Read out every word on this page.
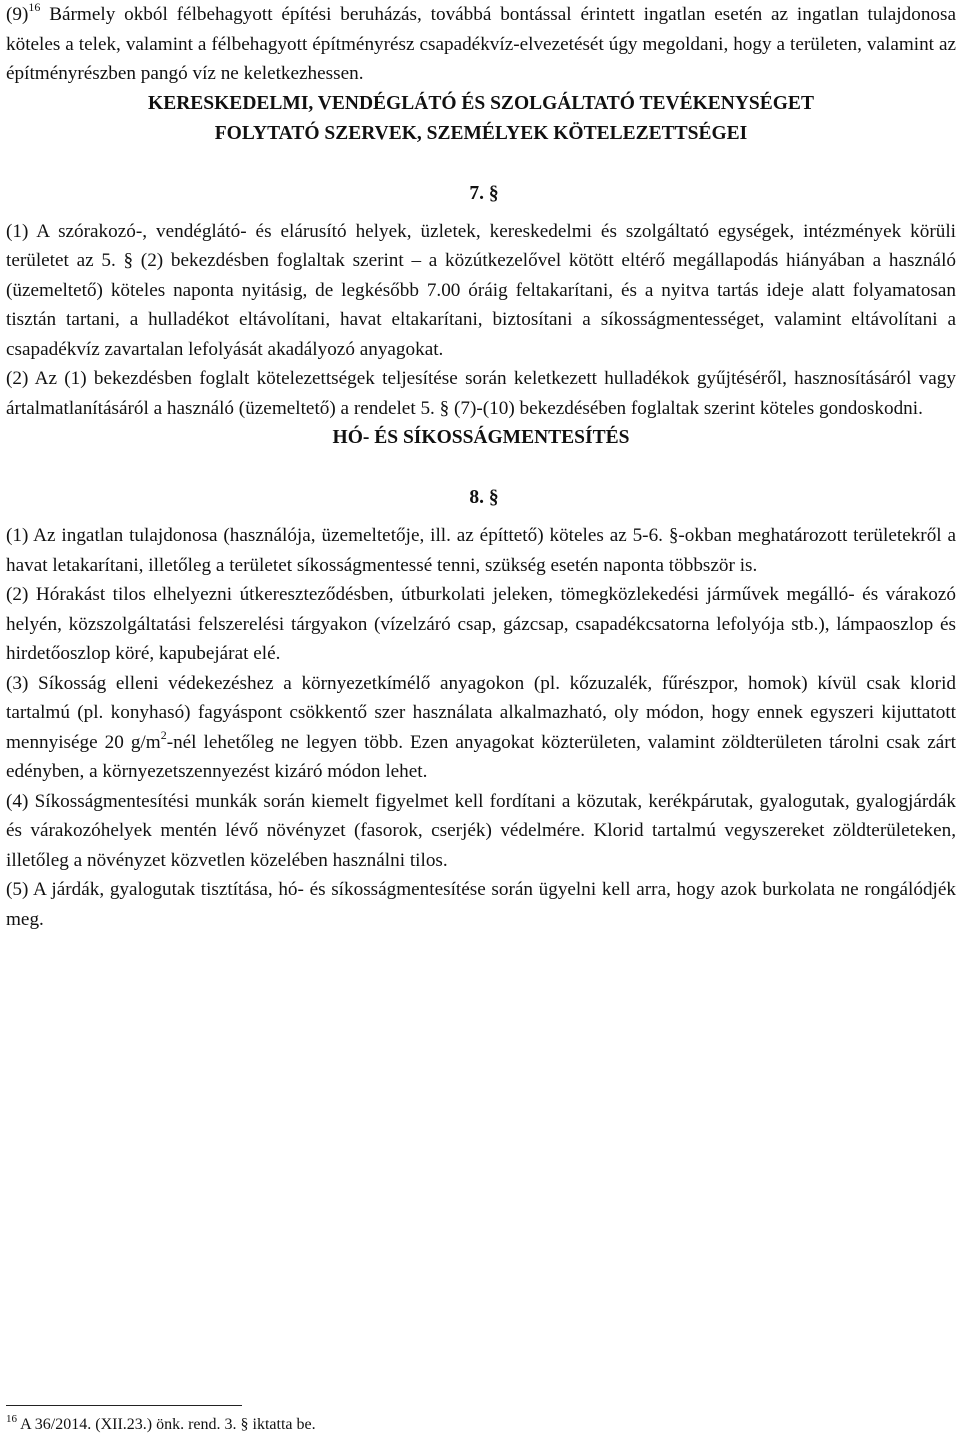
$(9)^{16}$ Bármely okból félbehagyott építési beruházás, továbbá bontással érintett ingatlan esetén az ingatlan tulajdonosa köteles a telek, valamint a félbehagyott építményrész csapadékvíz-elvezetését úgy megoldani, hogy a területen, valamint az építményrészben pangó víz ne keletkezhessen.

KERESKEDELMI, VENDÉGLÁTÓ ÉS SZOLGÁLTATÓ TEVÉKENYSÉGET
FOLYTATÓ SZERVEK, SZEMÉLYEK KÖTELEZETTSÉGEI
7. §

(1) A szórakozó-, vendéglátó- és elárusító helyek, üzletek, kereskedelmi és szolgáltató egységek, intézmények körüli területet az 5. § (2) bekezdésben foglaltak szerint – a közútkezelővel kötött eltérő megállapodás hiányában a használó (üzemeltető) köteles naponta nyitásig, de legkésőbb 7.00 óráig feltakarítani, és a nyitva tartás ideje alatt folyamatosan tisztán tartani, a hulladékot eltávolítani, havat eltakarítani, biztosítani a síkosságmentességet, valamint eltávolítani a csapadékvíz zavartalan lefolyását akadályozó anyagokat.

(2) Az (1) bekezdésben foglalt kötelezettségek teljesítése során keletkezett hulladékok gyűjtéséről, hasznosításáról vagy ártalmatlanításáról a használó (üzemeltető) a rendelet 5. § (7)-(10) bekezdésében foglaltak szerint köteles gondoskodni.

HÓ- ÉS SÍKOSSÁGMENTESÍTÉS
8. §

(1) Az ingatlan tulajdonosa (használója, üzemeltetője, ill. az építtető) köteles az 5-6. §-okban meghatározott területekről a havat letakarítani, illetőleg a területet síkosságmentessé tenni, szükség esetén naponta többször is.

(2) Hórakást tilos elhelyezni útkereszteződésben, útburkolati jeleken, tömegközlekedési járművek megálló- és várakozó helyén, közszolgáltatási felszerelési tárgyakon (vízelzáró csap, gázcsap, csapadékcsatorna lefolyója stb.), lámpaoszlop és hirdetőoszlop köré, kapubejárat elé.

(3) Síkosság elleni védekezéshez a környezetkímélő anyagokon (pl. kőzuzalék, fűrészpor, homok) kívül csak klorid tartalmú (pl. konyhasó) fagyáspont csökkentő szer használata alkalmazható, oly módon, hogy ennek egyszeri kijuttatott mennyisége 20 $g/m^2$-nél lehetőleg ne legyen több. Ezen anyagokat közterületen, valamint zöldterületen tárolni csak zárt edényben, a környezetszennyezést kizáró módon lehet.

(4) Síkosságmentesítési munkák során kiemelt figyelmet kell fordítani a közutak, kerékpárutak, gyalogutak, gyalogjárdák és várakozóhelyek mentén lévő növényzet (fasorok, cserjék) védelmére. Klorid tartalmú vegyszereket zöldterületeken, illetőleg a növényzet közvetlen közelében használni tilos.

(5) A járdák, gyalogutak tisztítása, hó- és síkosságmentesítése során ügyelni kell arra, hogy azok burkolata ne rongálódjék meg.

$^{16}$ A 36/2014. (XII.23.) önk. rend. 3. § iktatta be.
